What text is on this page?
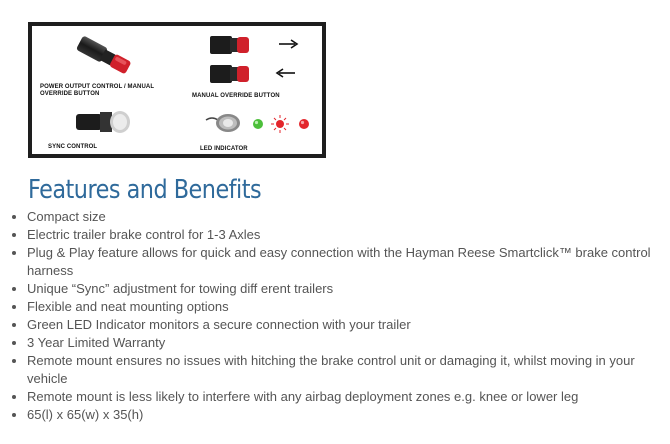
POWER OUTPUT CONTROL / MANUAL OVERRIDE BUTTON	MANUAL OVERRIDE BUTTON
SYNC CONTROL	LED INDICATOR
Features and Benefits
Compact size
Electric trailer brake control for 1-3 Axles
Plug & Play feature allows for quick and easy connection with the Hayman Reese Smartclick™ brake control harness
Unique “Sync” adjustment for towing diff erent trailers
Flexible and neat mounting options
Green LED Indicator monitors a secure connection with your trailer
3 Year Limited Warranty
Remote mount ensures no issues with hitching the brake control unit or damaging it, whilst moving in your vehicle
Remote mount is less likely to interfere with any airbag deployment zones e.g. knee or lower leg
65(l) x 65(w) x 35(h)
